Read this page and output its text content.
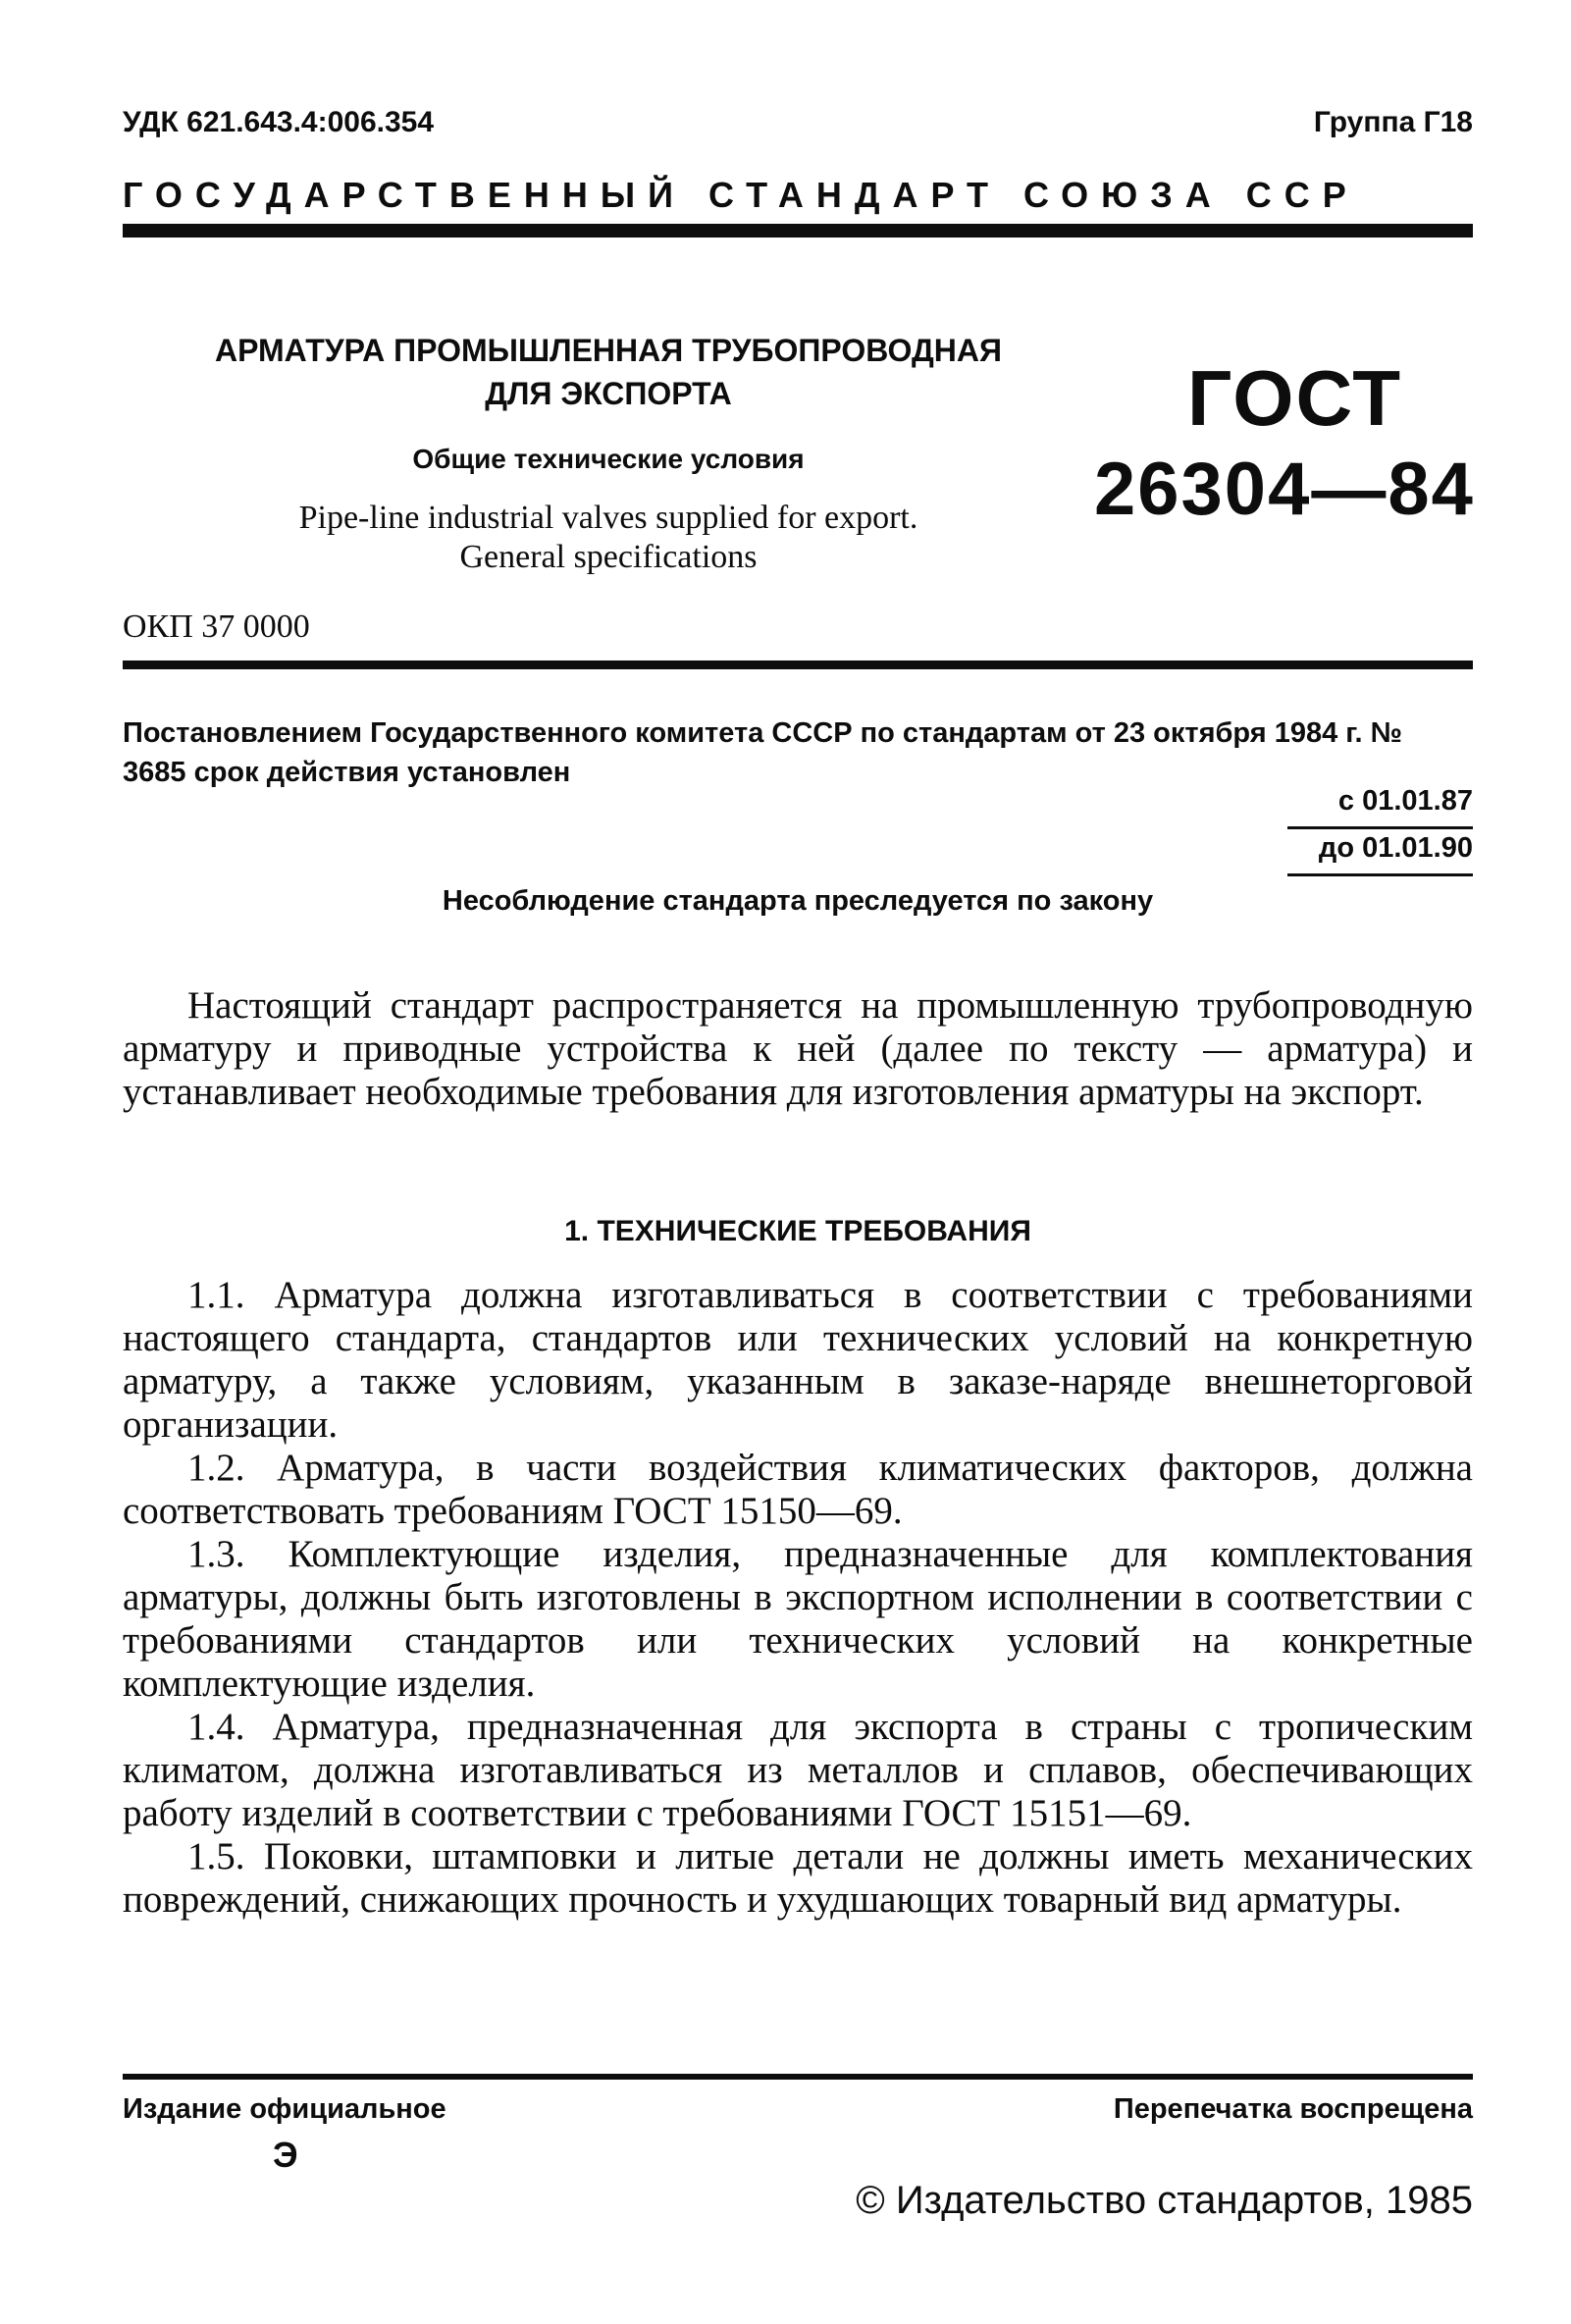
УДК 621.643.4:006.354	Группа Г18
ГОСУДАРСТВЕННЫЙ СТАНДАРТ СОЮЗА ССР
АРМАТУРА ПРОМЫШЛЕННАЯ ТРУБОПРОВОДНАЯ
ДЛЯ ЭКСПОРТА
Общие технические условия
Pipe-line industrial valves supplied for export.
General specifications
ГОСТ
26304—84
ОКП 37 0000
Постановлением Государственного комитета СССР по стандартам от 23 октября 1984 г. № 3685 срок действия установлен
с 01.01.87
до 01.01.90
Несоблюдение стандарта преследуется по закону

Настоящий стандарт распространяется на промышленную трубопроводную арматуру и приводные устройства к ней (далее по тексту — арматура) и устанавливает необходимые требования для изготовления арматуры на экспорт.

1. ТЕХНИЧЕСКИЕ ТРЕБОВАНИЯ

1.1. Арматура должна изготавливаться в соответствии с требованиями настоящего стандарта, стандартов или технических условий на конкретную арматуру, а также условиям, указанным в заказе-наряде внешнеторговой организации.

1.2. Арматура, в части воздействия климатических факторов, должна соответствовать требованиям ГОСТ 15150—69.

1.3. Комплектующие изделия, предназначенные для комплектования арматуры, должны быть изготовлены в экспортном исполнении в соответствии с требованиями стандартов или технических условий на конкретные комплектующие изделия.

1.4. Арматура, предназначенная для экспорта в страны с тропическим климатом, должна изготавливаться из металлов и сплавов, обеспечивающих работу изделий в соответствии с требованиями ГОСТ 15151—69.

1.5. Поковки, штамповки и литые детали не должны иметь механических повреждений, снижающих прочность и ухудшающих товарный вид арматуры.

Издание официальное	Перепечатка воспрещена
Э
© Издательство стандартов, 1985
